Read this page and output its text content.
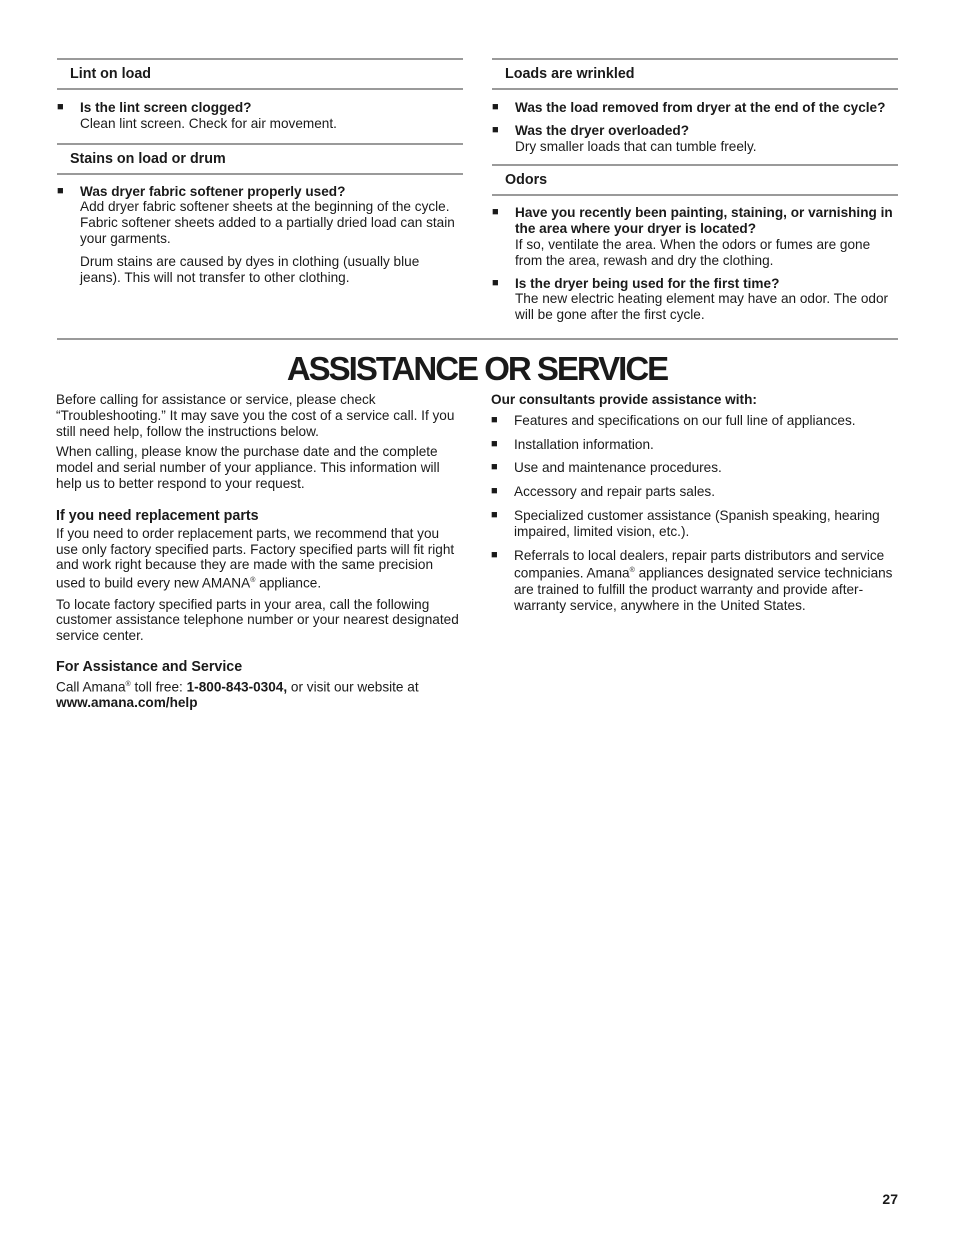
Lint on load
■	Is the lint screen clogged?
Clean lint screen. Check for air movement.
Stains on load or drum
■	Was dryer fabric softener properly used?
Add dryer fabric softener sheets at the beginning of the cycle. Fabric softener sheets added to a partially dried load can stain your garments.
Drum stains are caused by dyes in clothing (usually blue jeans). This will not transfer to other clothing.
Loads are wrinkled
■	Was the load removed from dryer at the end of the cycle?
■	Was the dryer overloaded?
Dry smaller loads that can tumble freely.
Odors
■	Have you recently been painting, staining, or varnishing in the area where your dryer is located?
If so, ventilate the area. When the odors or fumes are gone from the area, rewash and dry the clothing.
■	Is the dryer being used for the first time?
The new electric heating element may have an odor. The odor will be gone after the first cycle.
ASSISTANCE OR SERVICE

Before calling for assistance or service, please check “Troubleshooting.” It may save you the cost of a service call. If you still need help, follow the instructions below.

When calling, please know the purchase date and the complete model and serial number of your appliance. This information will help us to better respond to your request.

If you need replacement parts

If you need to order replacement parts, we recommend that you use only factory specified parts. Factory specified parts will fit right and work right because they are made with the same precision used to build every new AMANA® appliance.

To locate factory specified parts in your area, call the following customer assistance telephone number or your nearest designated service center.

For Assistance and Service

Call Amana® toll free: 1-800-843-0304, or visit our website at
www.amana.com/help

Our consultants provide assistance with:
■	Features and specifications on our full line of appliances.
■	Installation information.
■	Use and maintenance procedures.
■	Accessory and repair parts sales.
■	Specialized customer assistance (Spanish speaking, hearing impaired, limited vision, etc.).
■	Referrals to local dealers, repair parts distributors and service companies. Amana® appliances designated service technicians are trained to fulfill the product warranty and provide after-warranty service, anywhere in the United States.
27
